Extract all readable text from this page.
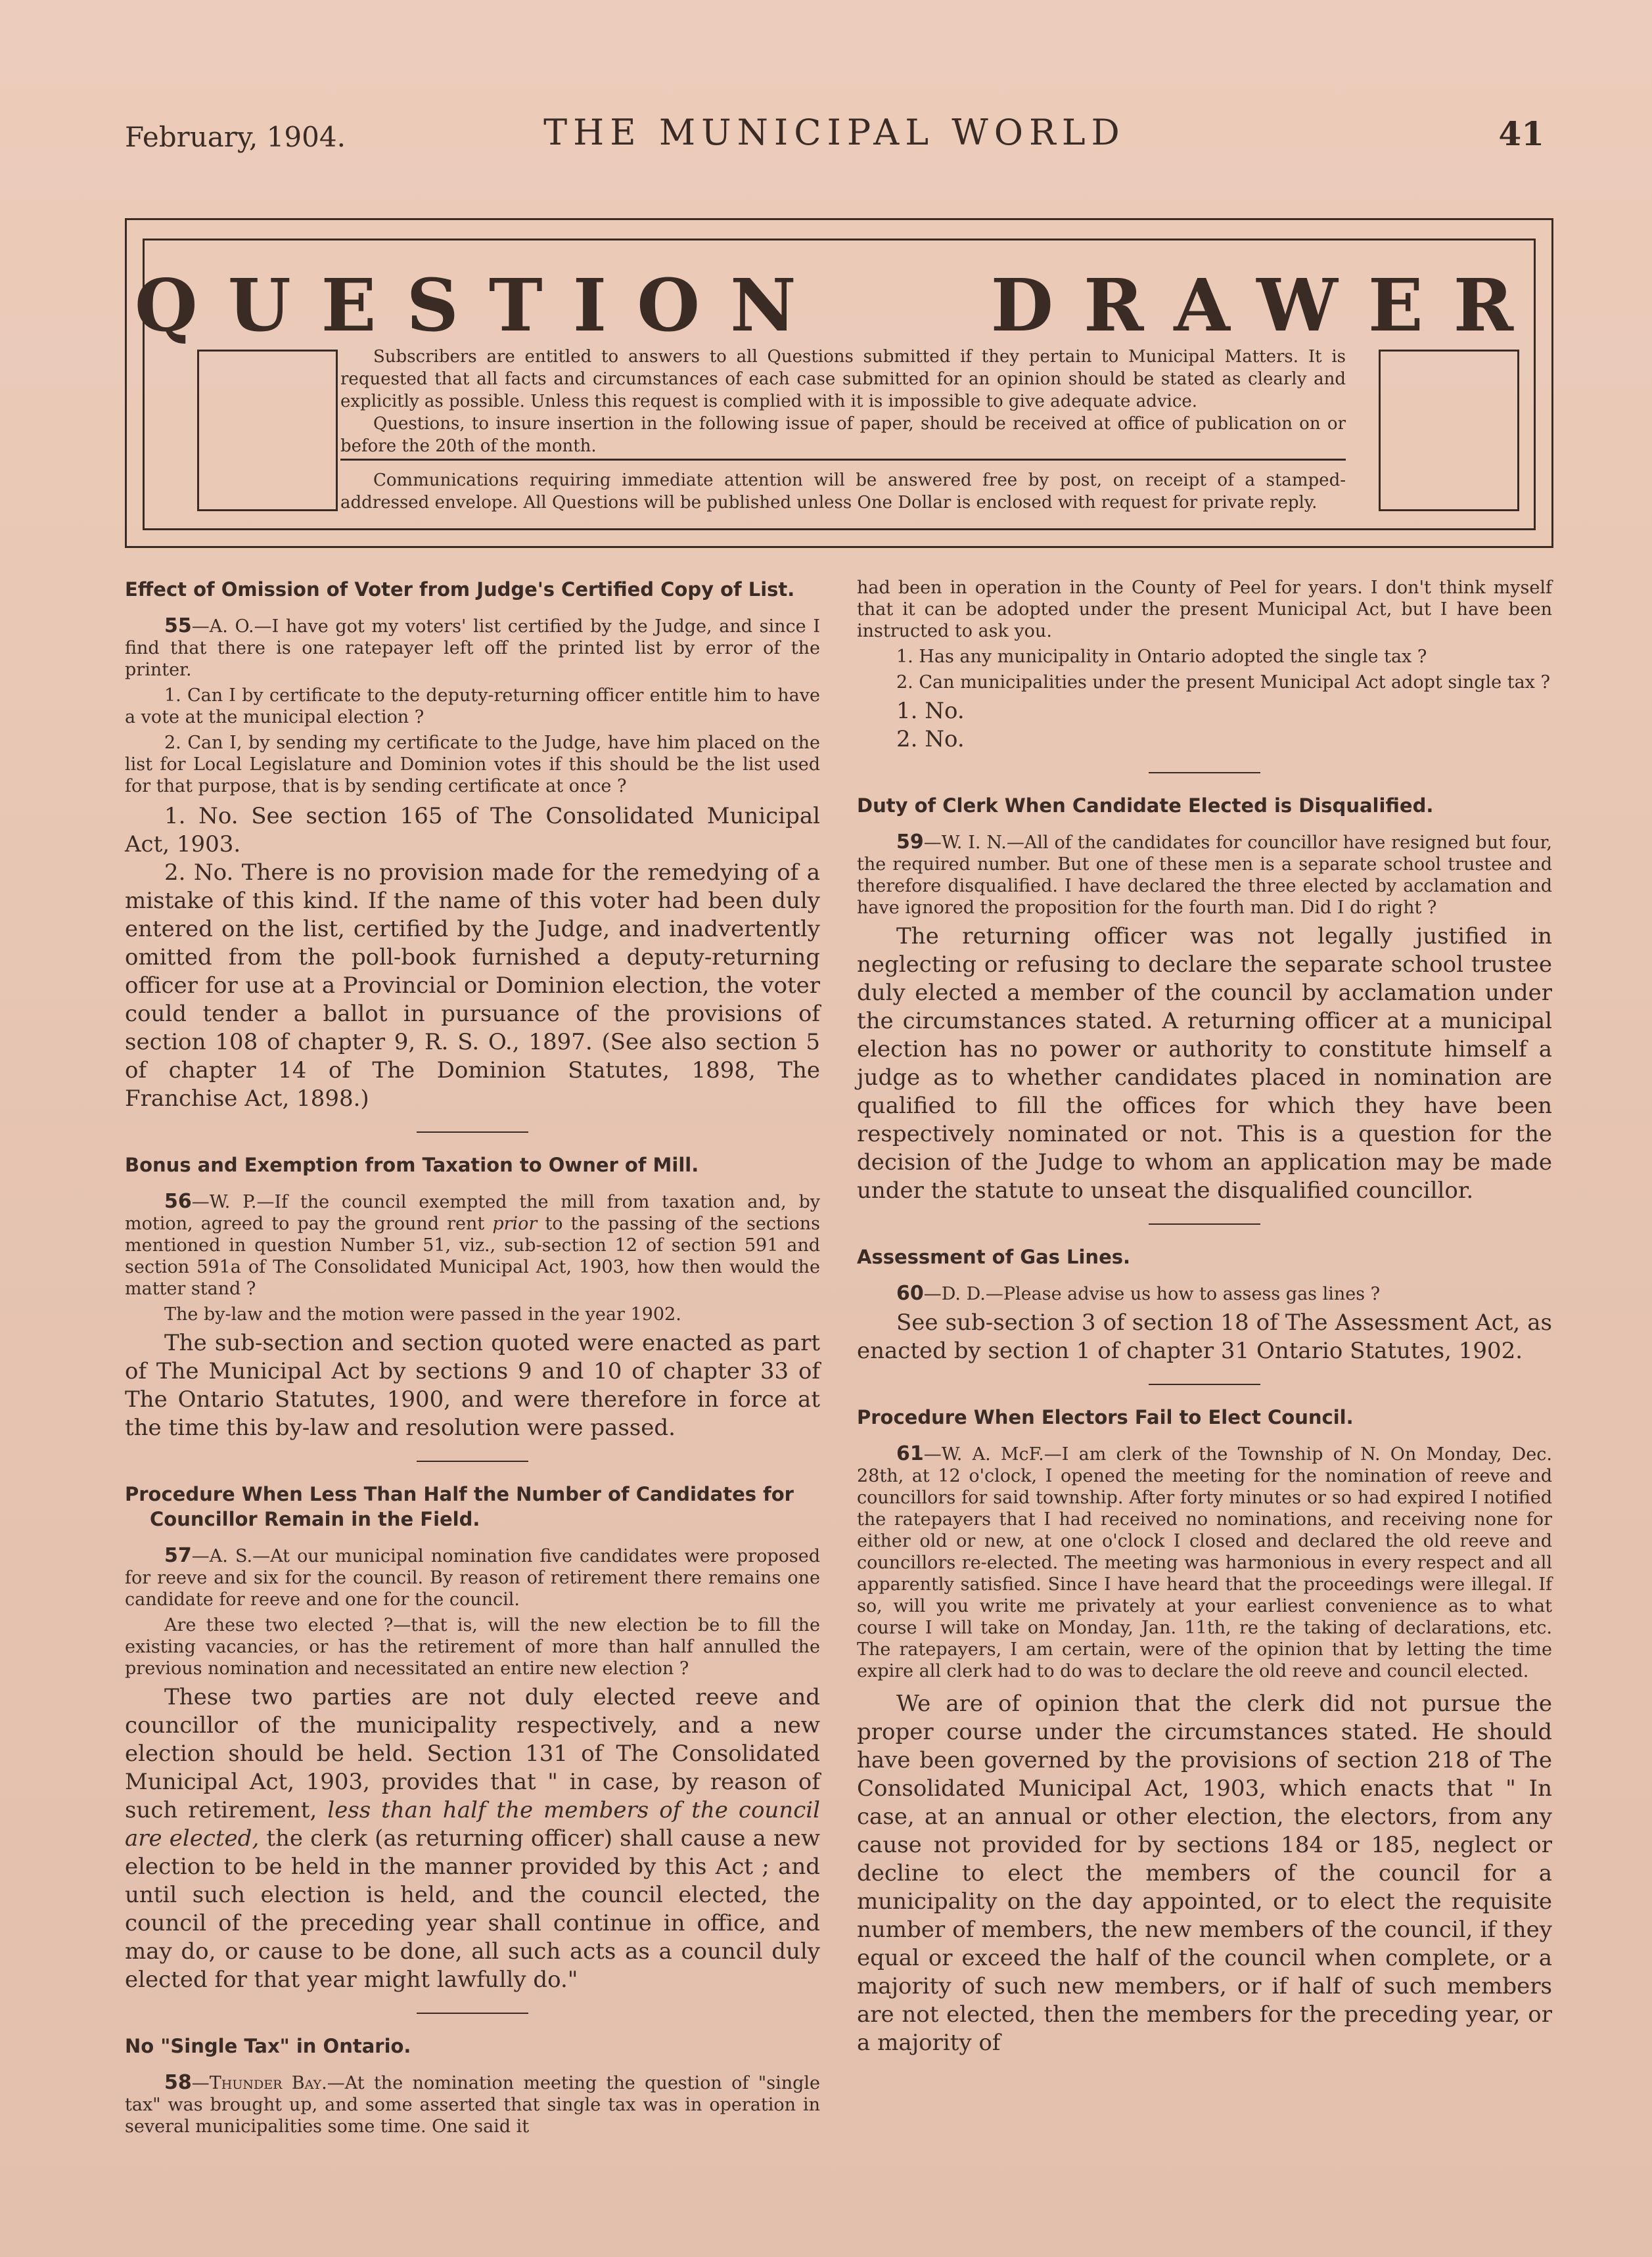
February, 1904.	THE MUNICIPAL WORLD	41
QUESTION DRAWER

Subscribers are entitled to answers to all Questions submitted if they pertain to Municipal Matters. It is requested that all facts and circumstances of each case submitted for an opinion should be stated as clearly and explicitly as possible. Unless this request is complied with it is impossible to give adequate advice.

Questions, to insure insertion in the following issue of paper, should be received at office of publication on or before the 20th of the month.

Communications requiring immediate attention will be answered free by post, on receipt of a stamped-addressed envelope. All Questions will be published unless One Dollar is enclosed with request for private reply.

Effect of Omission of Voter from Judge's Certified Copy of List.

55—A. O.—I have got my voters' list certified by the Judge, and since I find that there is one ratepayer left off the printed list by error of the printer.

1. Can I by certificate to the deputy-returning officer entitle him to have a vote at the municipal election ?

2. Can I, by sending my certificate to the Judge, have him placed on the list for Local Legislature and Dominion votes if this should be the list used for that purpose, that is by sending certificate at once ?

1. No. See section 165 of The Consolidated Municipal Act, 1903.

2. No. There is no provision made for the remedying of a mistake of this kind. If the name of this voter had been duly entered on the list, certified by the Judge, and inadvertently omitted from the poll-book furnished a deputy-returning officer for use at a Provincial or Dominion election, the voter could tender a ballot in pursuance of the provisions of section 108 of chapter 9, R. S. O., 1897. (See also section 5 of chapter 14 of The Dominion Statutes, 1898, The Franchise Act, 1898.)

Bonus and Exemption from Taxation to Owner of Mill.

56—W. P.—If the council exempted the mill from taxation and, by motion, agreed to pay the ground rent prior to the passing of the sections mentioned in question Number 51, viz., sub-section 12 of section 591 and section 591a of The Consolidated Municipal Act, 1903, how then would the matter stand ?

The by-law and the motion were passed in the year 1902.

The sub-section and section quoted were enacted as part of The Municipal Act by sections 9 and 10 of chapter 33 of The Ontario Statutes, 1900, and were therefore in force at the time this by-law and resolution were passed.

Procedure When Less Than Half the Number of Candidates for Councillor Remain in the Field.

57—A. S.—At our municipal nomination five candidates were proposed for reeve and six for the council. By reason of retirement there remains one candidate for reeve and one for the council.

Are these two elected ?—that is, will the new election be to fill the existing vacancies, or has the retirement of more than half annulled the previous nomination and necessitated an entire new election ?

These two parties are not duly elected reeve and councillor of the municipality respectively, and a new election should be held. Section 131 of The Consolidated Municipal Act, 1903, provides that " in case, by reason of such retirement, less than half the members of the council are elected, the clerk (as returning officer) shall cause a new election to be held in the manner provided by this Act ; and until such election is held, and the council elected, the council of the preceding year shall continue in office, and may do, or cause to be done, all such acts as a council duly elected for that year might lawfully do."

No "Single Tax" in Ontario.

58—Thunder Bay.—At the nomination meeting the question of "single tax" was brought up, and some asserted that single tax was in operation in several municipalities some time. One said it

had been in operation in the County of Peel for years. I don't think myself that it can be adopted under the present Municipal Act, but I have been instructed to ask you.

1. Has any municipality in Ontario adopted the single tax ?

2. Can municipalities under the present Municipal Act adopt single tax ?

1. No.

2. No.

Duty of Clerk When Candidate Elected is Disqualified.

59—W. I. N.—All of the candidates for councillor have resigned but four, the required number. But one of these men is a separate school trustee and therefore disqualified. I have declared the three elected by acclamation and have ignored the proposition for the fourth man. Did I do right ?

The returning officer was not legally justified in neglecting or refusing to declare the separate school trustee duly elected a member of the council by acclamation under the circumstances stated. A returning officer at a municipal election has no power or authority to constitute himself a judge as to whether candidates placed in nomination are qualified to fill the offices for which they have been respectively nominated or not. This is a question for the decision of the Judge to whom an application may be made under the statute to unseat the disqualified councillor.

Assessment of Gas Lines.

60—D. D.—Please advise us how to assess gas lines ?

See sub-section 3 of section 18 of The Assessment Act, as enacted by section 1 of chapter 31 Ontario Statutes, 1902.

Procedure When Electors Fail to Elect Council.

61—W. A. McF.—I am clerk of the Township of N. On Monday, Dec. 28th, at 12 o'clock, I opened the meeting for the nomination of reeve and councillors for said township. After forty minutes or so had expired I notified the ratepayers that I had received no nominations, and receiving none for either old or new, at one o'clock I closed and declared the old reeve and councillors re-elected. The meeting was harmonious in every respect and all apparently satisfied. Since I have heard that the proceedings were illegal. If so, will you write me privately at your earliest convenience as to what course I will take on Monday, Jan. 11th, re the taking of declarations, etc. The ratepayers, I am certain, were of the opinion that by letting the time expire all clerk had to do was to declare the old reeve and council elected.

We are of opinion that the clerk did not pursue the proper course under the circumstances stated. He should have been governed by the provisions of section 218 of The Consolidated Municipal Act, 1903, which enacts that " In case, at an annual or other election, the electors, from any cause not provided for by sections 184 or 185, neglect or decline to elect the members of the council for a municipality on the day appointed, or to elect the requisite number of members, the new members of the council, if they equal or exceed the half of the council when complete, or a majority of such new members, or if half of such members are not elected, then the members for the preceding year, or a majority of
